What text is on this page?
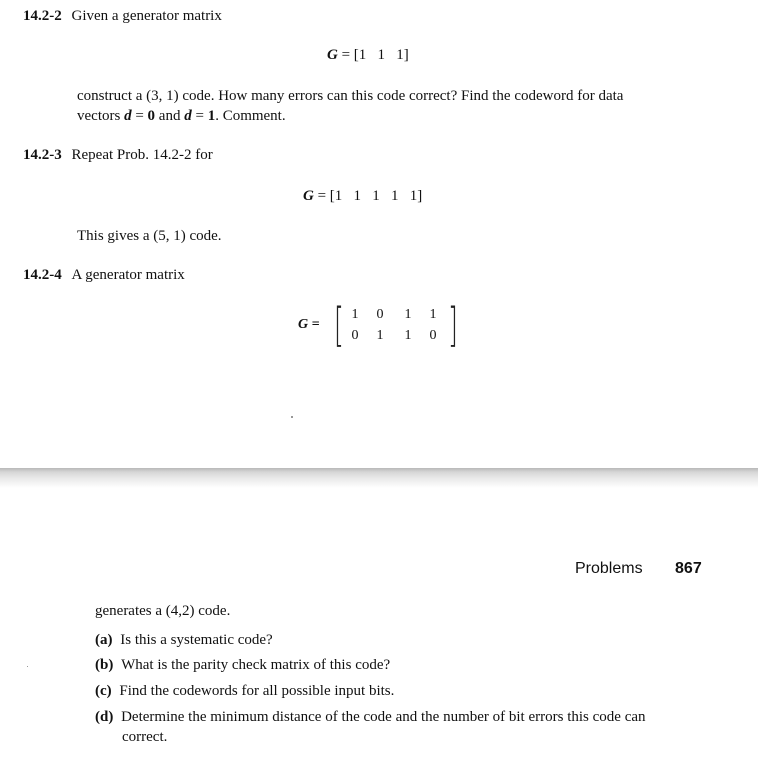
14.2-2 Given a generator matrix
G = [1   1   1]
construct a (3, 1) code. How many errors can this code correct? Find the codeword for data
vectors d = 0 and d = 1. Comment.
14.2-3 Repeat Prob. 14.2-2 for
G = [1   1   1   1   1]
This gives a (5, 1) code.
14.2-4 A generator matrix
G = [ ]
1 0 1 1
0 1 1 0
Problems 867
generates a (4,2) code.
(a) Is this a systematic code?
(b) What is the parity check matrix of this code?
(c) Find the codewords for all possible input bits.
(d) Determine the minimum distance of the code and the number of bit errors this code can
correct.
